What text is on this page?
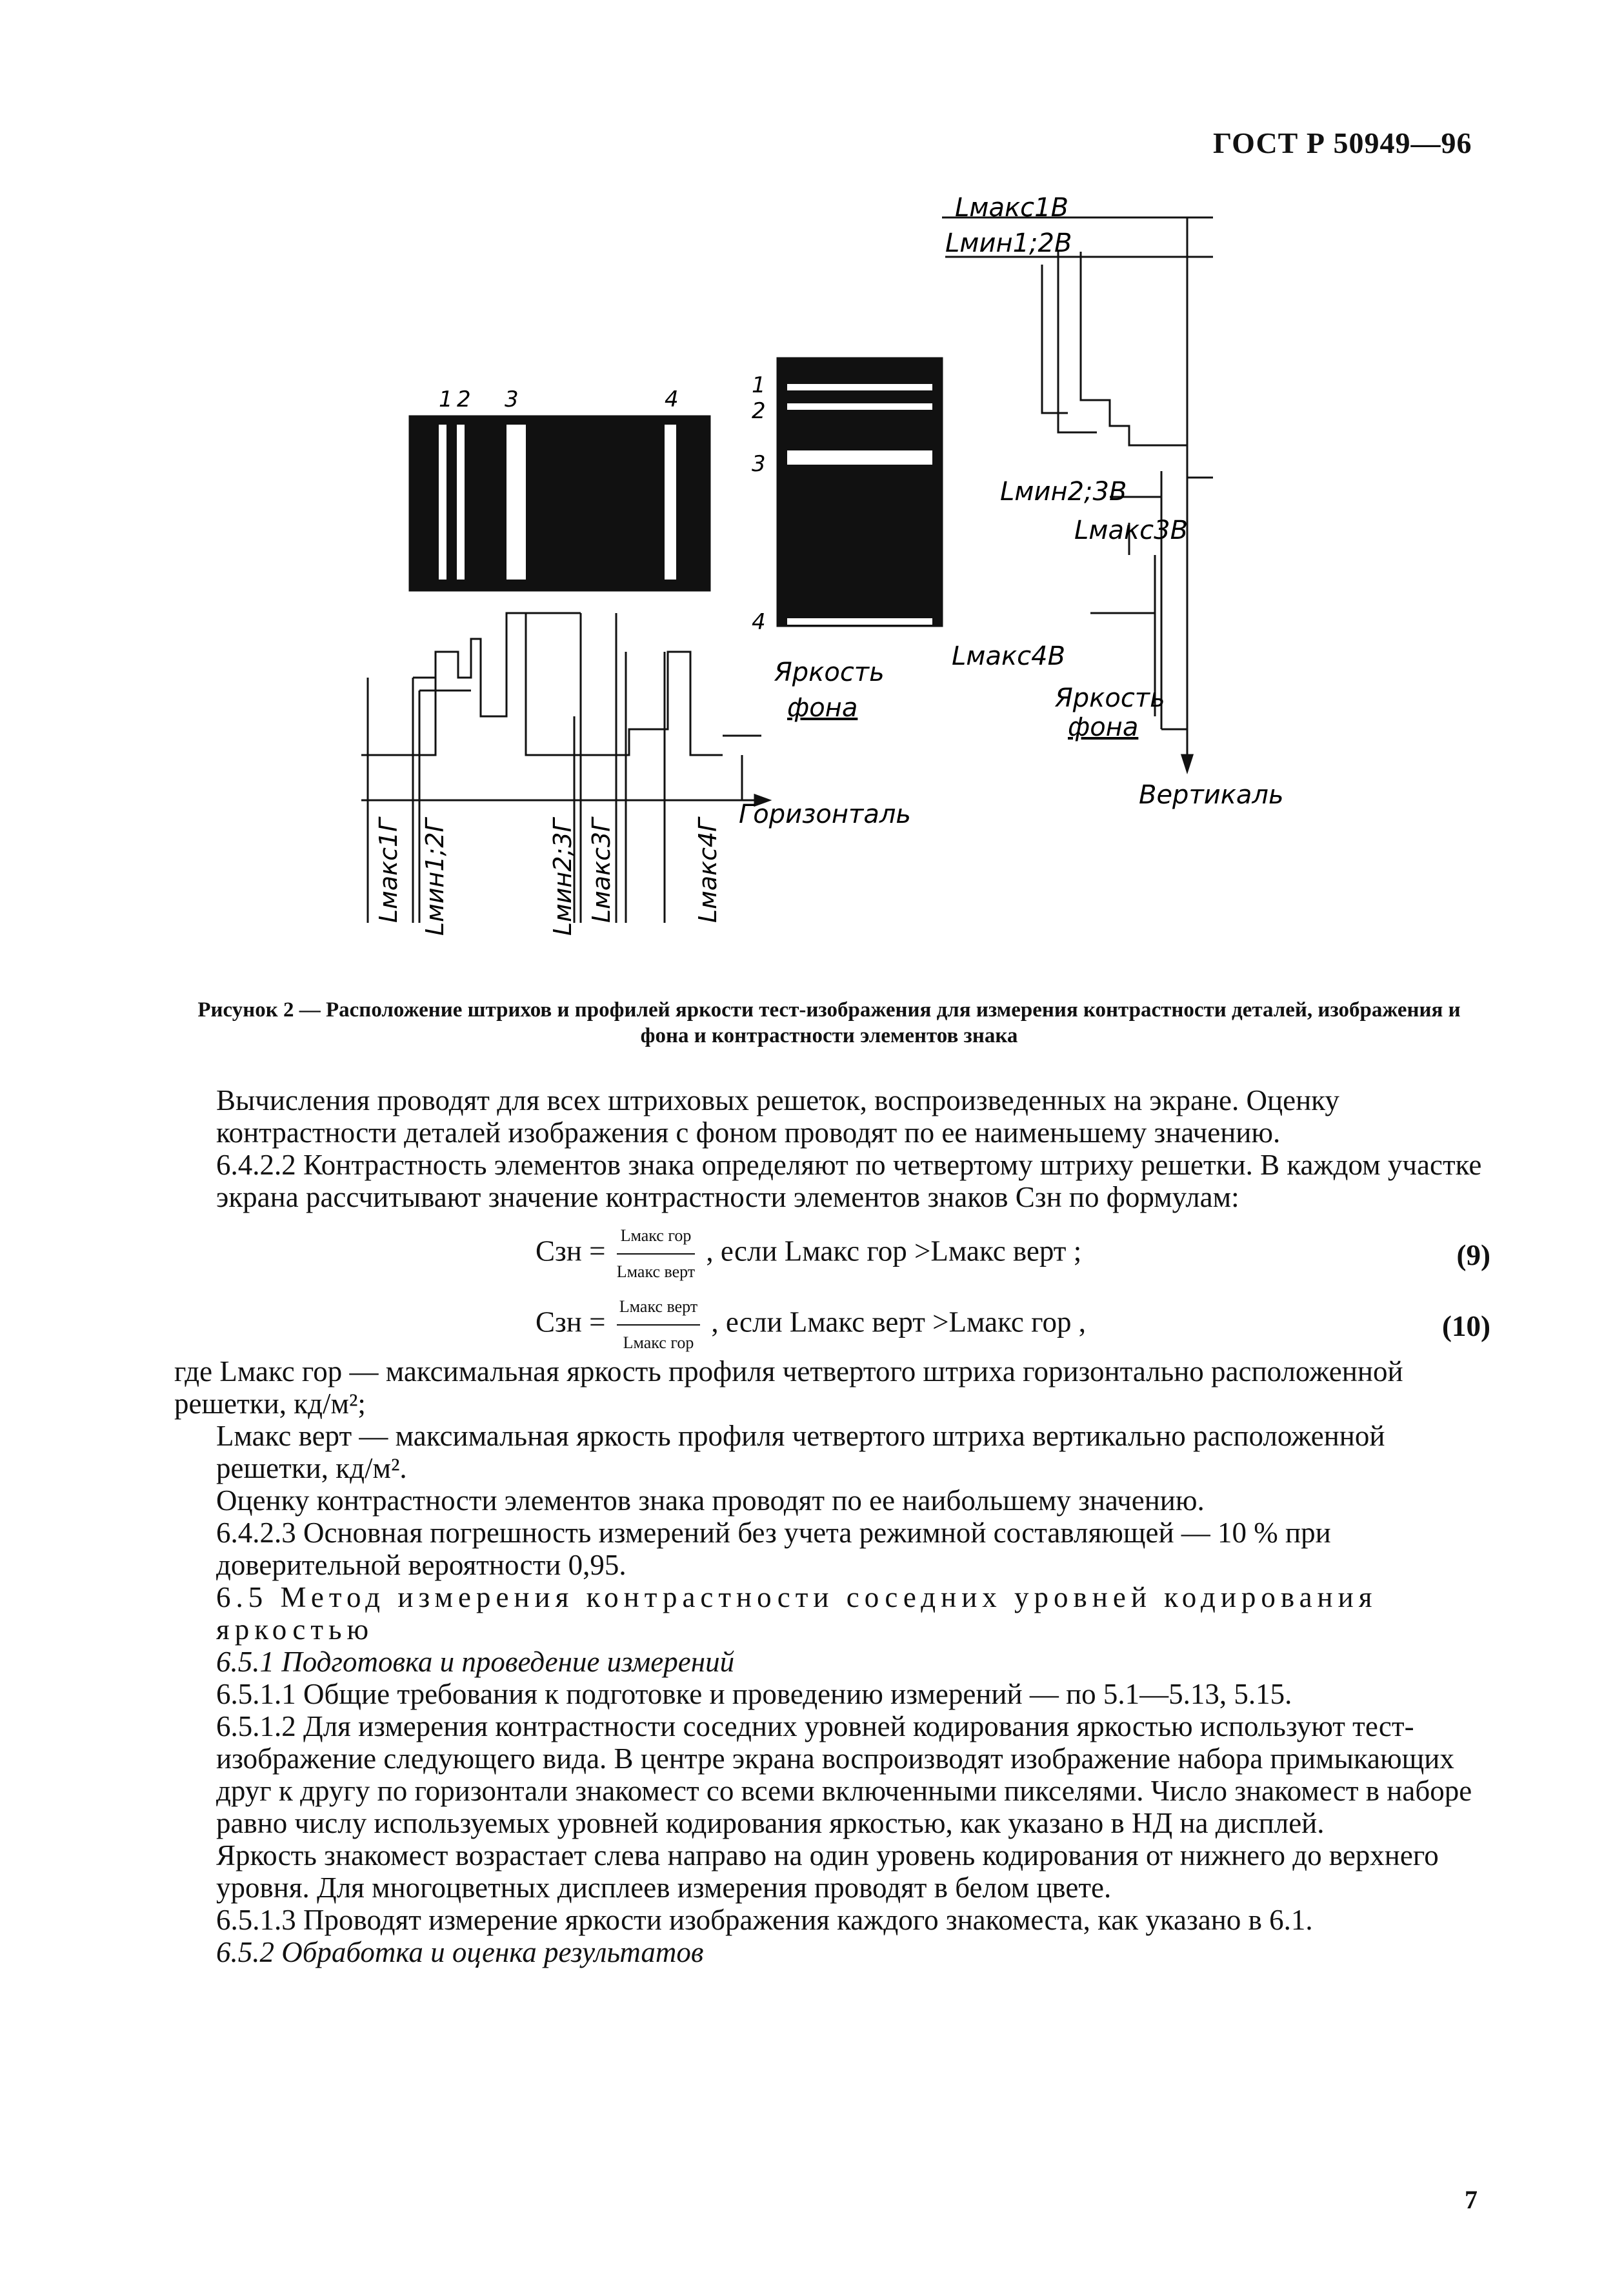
ГОСТ Р 50949—96
1 2 3	4
1
2
3
4
Lмакс1В
Lмин1;2В
Lмин2;3В
Lмакс3В
Lмакс4В
Яркость
фона
Вертикаль
Яркость
фона
Горизонталь
Lмакс1Г Lмин1;2Г	Lмин2;3Г Lмакс3Г	Lмакс4Г
Рисунок 2 — Расположение штрихов и профилей яркости тест-изображения для измерения контрастности деталей, изображения и фона и контрастности элементов знака

Вычисления проводят для всех штриховых решеток, воспроизведенных на экране. Оценку контрастности деталей изображения с фоном проводят по ее наименьшему значению.

6.4.2.2 Контрастность элементов знака определяют по четвертому штриху решетки. В каждом участке экрана рассчитывают значение контрастности элементов знаков Сзн по формулам:

Сзн = $\frac{\text{Lмакс гор}}{\text{Lмакс верт}}$ , если Lмакс гор >Lмакс верт ;	(9)
Сзн = $\frac{\text{Lмакс верт}}{\text{Lмакс гор}}$ , если Lмакс верт >Lмакс гор ,	(10)

где Lмакс гор — максимальная яркость профиля четвертого штриха горизонтально расположенной решетки, кд/м²;

Lмакс верт — максимальная яркость профиля четвертого штриха вертикально расположенной решетки, кд/м².

Оценку контрастности элементов знака проводят по ее наибольшему значению.

6.4.2.3 Основная погрешность измерений без учета режимной составляющей — 10 % при доверительной вероятности 0,95.

6.5 Метод измерения контрастности соседних уровней кодирования яркостью

6.5.1 Подготовка и проведение измерений

6.5.1.1 Общие требования к подготовке и проведению измерений — по 5.1—5.13, 5.15.

6.5.1.2 Для измерения контрастности соседних уровней кодирования яркостью используют тест-изображение следующего вида. В центре экрана воспроизводят изображение набора примыкающих друг к другу по горизонтали знакомест со всеми включенными пикселями. Число знакомест в наборе равно числу используемых уровней кодирования яркостью, как указано в НД на дисплей.

Яркость знакомест возрастает слева направо на один уровень кодирования от нижнего до верхнего уровня. Для многоцветных дисплеев измерения проводят в белом цвете.

6.5.1.3 Проводят измерение яркости изображения каждого знакоместа, как указано в 6.1.

6.5.2 Обработка и оценка результатов

7
